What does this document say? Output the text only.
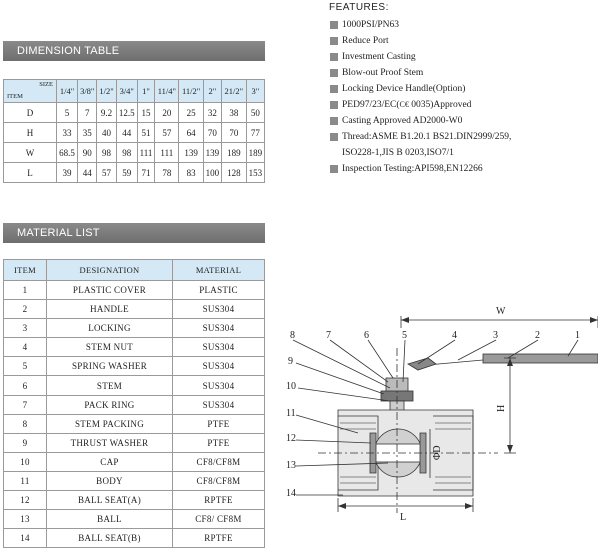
DIMENSION TABLE
SIZE
ITEM	1/4"	3/8"	1/2"	3/4"	1"	11/4"	11/2"	2"	21/2"	3"
D	5	7	9.2	12.5	15	20	25	32	38	50
H	33	35	40	44	51	57	64	70	70	77
W	68.5	90	98	98	111	111	139	139	189	189
L	39	44	57	59	71	78	83	100	128	153
MATERIAL LIST
ITEM	DESIGNATION	MATERIAL
1	PLASTIC COVER	PLASTIC
2	HANDLE	SUS304
3	LOCKING	SUS304
4	STEM NUT	SUS304
5	SPRING WASHER	SUS304
6	STEM	SUS304
7	PACK RING	SUS304
8	STEM PACKING	PTFE
9	THRUST WASHER	PTFE
10	CAP	CF8/CF8M
11	BODY	CF8/CF8M
12	BALL SEAT(A)	RPTFE
13	BALL	CF8/ CF8M
14	BALL SEAT(B)	RPTFE
FEATURES:
1000PSI/PN63
Reduce Port
Investment Casting
Blow-out Proof Stem
Locking Device Handle(Option)
PED97/23/EC(C€ 0035)Approved
Casting Approved AD2000-W0
Thread:ASME B1.20.1 BS21.DIN2999/259,
ISO228-1,JIS B 0203,ISO7/1
Inspection Testing:API598,EN12266
8	7	6	5	4	3	2	1
9
10
11
12
13
14
W
H
ΦD
L
